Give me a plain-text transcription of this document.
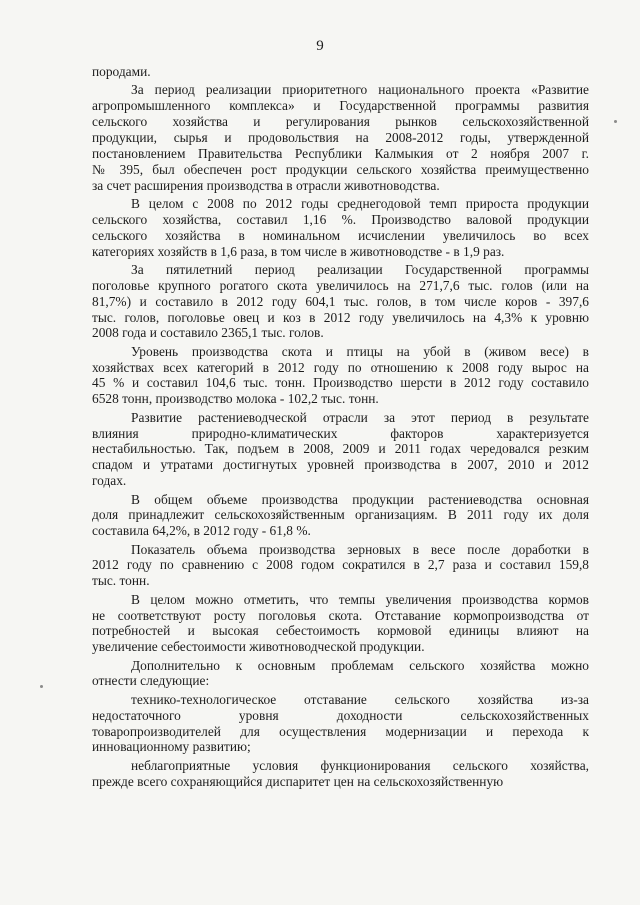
9
породами.
За период реализации приоритетного национального проекта «Развитие
агропромышленного комплекса» и Государственной программы развития
сельского хозяйства и регулирования рынков сельскохозяйственной
продукции, сырья и продовольствия на 2008-2012 годы, утвержденной
постановлением Правительства Республики Калмыкия от 2 ноября 2007 г.
№ 395, был обеспечен рост продукции сельского хозяйства преимущественно
за счет расширения производства в отрасли животноводства.
В целом с 2008 по 2012 годы среднегодовой темп прироста продукции
сельского хозяйства, составил 1,16 %. Производство валовой продукции
сельского хозяйства в номинальном исчислении увеличилось во всех
категориях хозяйств в 1,6 раза, в том числе в животноводстве - в 1,9 раз.
За пятилетний период реализации Государственной программы
поголовье крупного рогатого скота увеличилось на 271,7,6 тыс. голов (или на
81,7%) и составило в 2012 году 604,1 тыс. голов, в том числе коров - 397,6
тыс. голов, поголовье овец и коз в 2012 году увеличилось на 4,3% к уровню
2008 года и составило 2365,1 тыс. голов.
Уровень производства скота и птицы на убой в (живом весе) в
хозяйствах всех категорий в 2012 году по отношению к 2008 году вырос на
45 % и составил 104,6 тыс. тонн. Производство шерсти в 2012 году составило
6528 тонн, производство молока - 102,2 тыс. тонн.
Развитие растениеводческой отрасли за этот период в результате
влияния природно-климатических факторов характеризуется
нестабильностью. Так, подъем в 2008, 2009 и 2011 годах чередовался резким
спадом и утратами достигнутых уровней производства в 2007, 2010 и 2012
годах.
В общем объеме производства продукции растениеводства основная
доля принадлежит сельскохозяйственным организациям. В 2011 году их доля
составила 64,2%, в 2012 году - 61,8 %.
Показатель объема производства зерновых в весе после доработки в
2012 году по сравнению с 2008 годом сократился в 2,7 раза и составил 159,8
тыс. тонн.
В целом можно отметить, что темпы увеличения производства кормов
не соответствуют росту поголовья скота. Отставание кормопроизводства от
потребностей и высокая себестоимость кормовой единицы влияют на
увеличение себестоимости животноводческой продукции.
Дополнительно к основным проблемам сельского хозяйства можно
отнести следующие:
технико-технологическое отставание сельского хозяйства из-за
недостаточного уровня доходности сельскохозяйственных
товаропроизводителей для осуществления модернизации и перехода к
инновационному развитию;
неблагоприятные условия функционирования сельского хозяйства,
прежде всего сохраняющийся диспаритет цен на сельскохозяйственную
